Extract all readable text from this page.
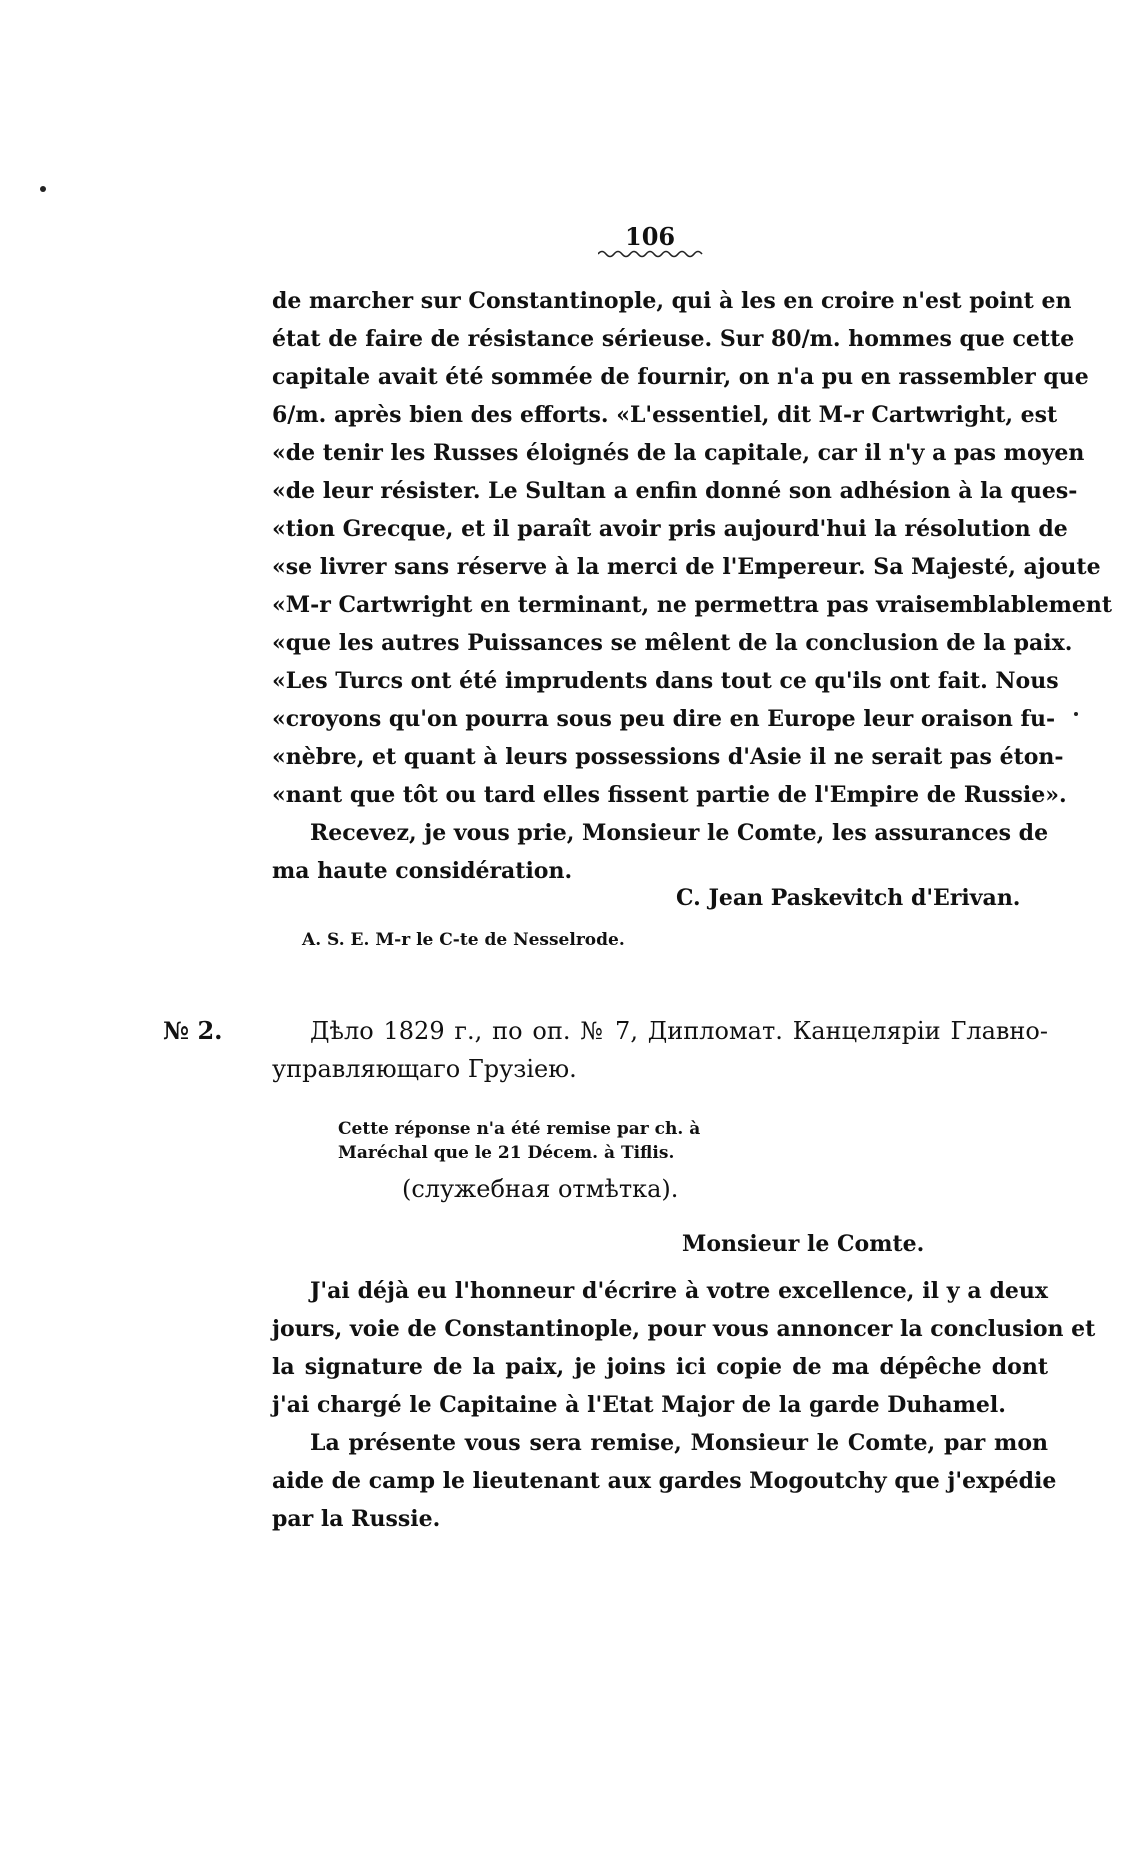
106
de marcher sur Constantinople, qui à les en croire n'est point en
état de faire de résistance sérieuse. Sur 80/m. hommes que cette
capitale avait été sommée de fournir, on n'a pu en rassembler que
6/m. après bien des efforts. «L'essentiel, dit M-r Cartwright, est
«de tenir les Russes éloignés de la capitale, car il n'y a pas moyen
«de leur résister. Le Sultan a enfin donné son adhésion à la ques-
«tion Grecque, et il paraît avoir pris aujourd'hui la résolution de
«se livrer sans réserve à la merci de l'Empereur. Sa Majesté, ajoute
«M-r Cartwright en terminant, ne permettra pas vraisemblablement
«que les autres Puissances se mêlent de la conclusion de la paix.
«Les Turcs ont été imprudents dans tout ce qu'ils ont fait. Nous
«croyons qu'on pourra sous peu dire en Europe leur oraison fu-
«nèbre, et quant à leurs possessions d'Asie il ne serait pas éton-
«nant que tôt ou tard elles fissent partie de l'Empire de Russie».
Recevez, je vous prie, Monsieur le Comte, les assurances de
ma haute considération.
C. Jean Paskevitch d'Erivan.
A. S. E. M-r le C-te de Nesselrode.
№ 2.	Дѣло 1829 г., по оп. № 7, Дипломат. Канцелярiи Главно-
управляющаго Грузiею.
Cette réponse n'a été remise par ch. à
Maréchal que le 21 Décem. à Tiflis.
(служебная отмѣтка).
Monsieur le Comte.
J'ai déjà eu l'honneur d'écrire à votre excellence, il y a deux
jours, voie de Constantinople, pour vous annoncer la conclusion et
la signature de la paix, je joins ici copie de ma dépêche dont
j'ai chargé le Capitaine à l'Etat Major de la garde Duhamel.
La présente vous sera remise, Monsieur le Comte, par mon
aide de camp le lieutenant aux gardes Mogoutchy que j'expédie
par la Russie.
